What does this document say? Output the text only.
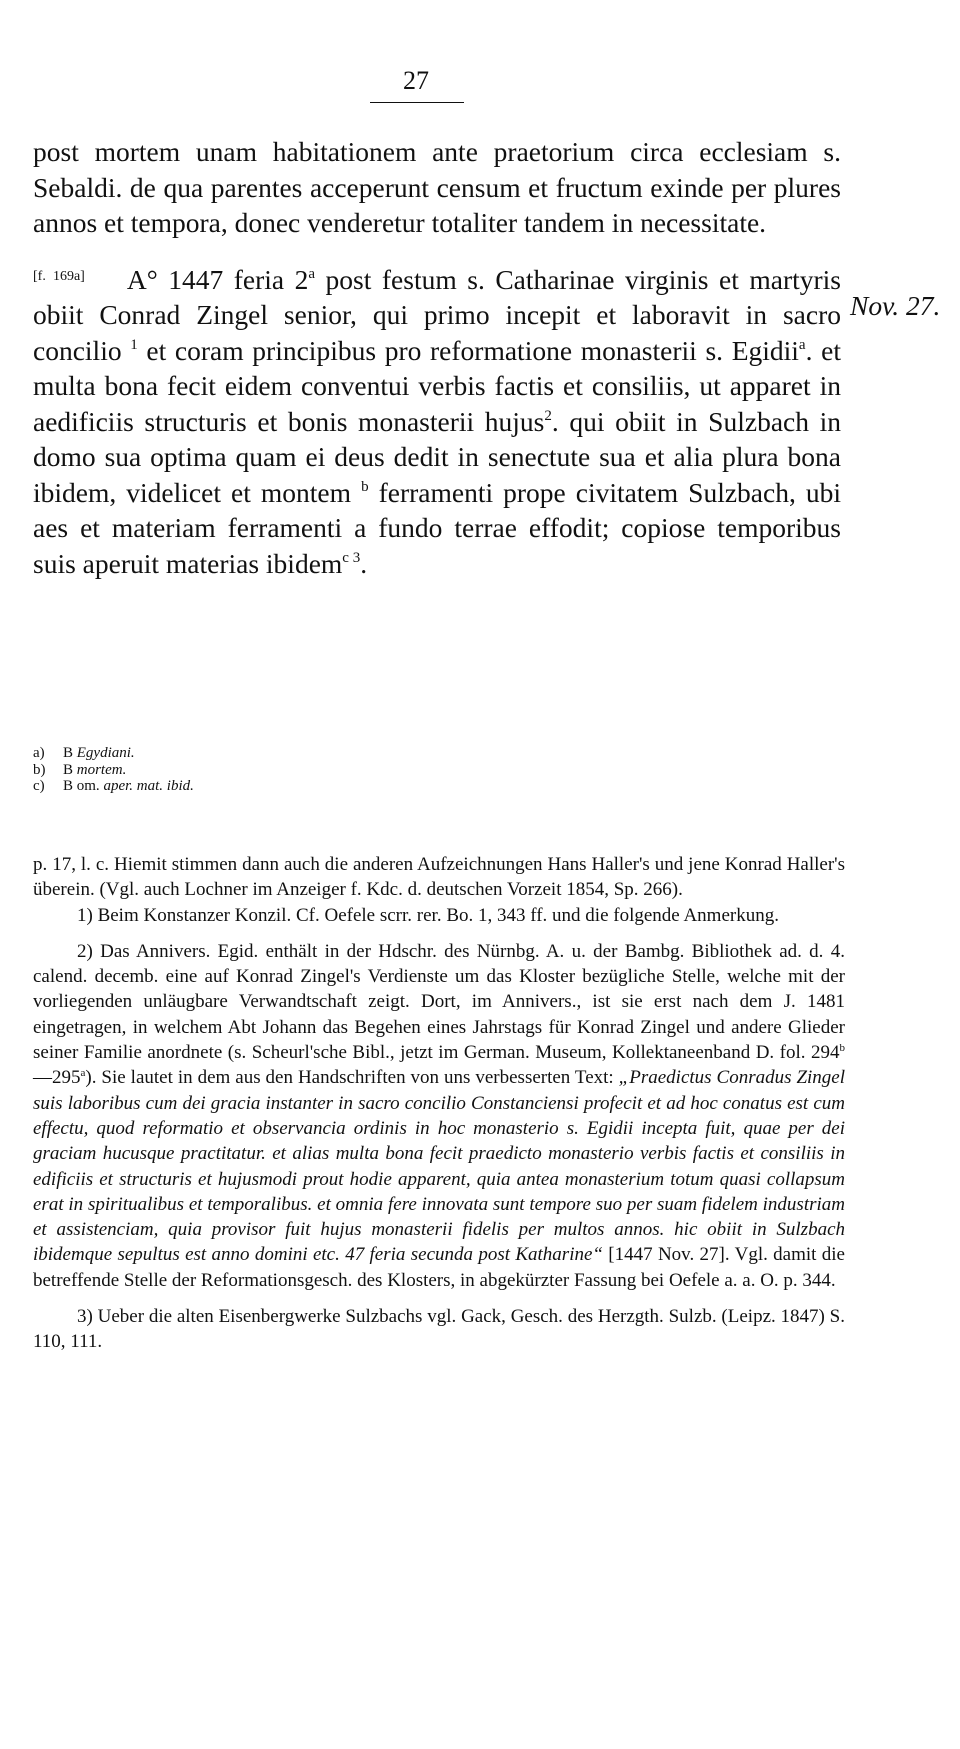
27

post mortem unam habitationem ante praetorium circa ecclesiam s. Sebaldi. de qua parentes acceperunt censum et fructum exinde per plures annos et tempora, donec venderetur totaliter tandem in necessitate.

[f. 169a] A° 1447 feria 2$^a$ post festum s. Catharinae virginis et martyris obiit Conrad Zingel senior, qui primo incepit et laboravit in sacro concilio $^1$ et coram principibus pro reformatione monasterii s. Egidii$^a$. et multa bona fecit eidem conventui verbis factis et consiliis, ut apparet in aedificiis structuris et bonis monasterii hujus$^2$. qui obiit in Sulzbach in domo sua optima quam ei deus dedit in senectute sua et alia plura bona ibidem, videlicet et montem $^b$ ferramenti prope civitatem Sulzbach, ubi aes et materiam ferramenti a fundo terrae effodit; copiose temporibus suis aperuit materias ibidem$^{c 3}$.

Nov. 27.
a) B Egydiani.
b) B mortem.
c) B om. aper. mat. ibid.

p. 17, l. c. Hiemit stimmen dann auch die anderen Aufzeichnungen Hans Haller's und jene Konrad Haller's überein. (Vgl. auch Lochner im Anzeiger f. Kdc. d. deutschen Vorzeit 1854, Sp. 266).

1) Beim Konstanzer Konzil. Cf. Oefele scrr. rer. Bo. 1, 343 ff. und die folgende Anmerkung.

2) Das Annivers. Egid. enthält in der Hdschr. des Nürnbg. A. u. der Bambg. Bibliothek ad. d. 4. calend. decemb. eine auf Konrad Zingel's Verdienste um das Kloster bezügliche Stelle, welche mit der vorliegenden unläugbare Verwandtschaft zeigt. Dort, im Annivers., ist sie erst nach dem J. 1481 eingetragen, in welchem Abt Johann das Begehen eines Jahrstags für Konrad Zingel und andere Glieder seiner Familie anordnete (s. Scheurl'sche Bibl., jetzt im German. Museum, Kollektaneenband D. fol. 294$^b$—295$^a$). Sie lautet in dem aus den Handschriften von uns verbesserten Text: „Praedictus Conradus Zingel suis laboribus cum dei gracia instanter in sacro concilio Constanciensi profecit et ad hoc conatus est cum effectu, quod reformatio et observancia ordinis in hoc monasterio s. Egidii incepta fuit, quae per dei graciam hucusque practitatur. et alias multa bona fecit praedicto monasterio verbis factis et consiliis in edificiis et structuris et hujusmodi prout hodie apparent, quia antea monasterium totum quasi collapsum erat in spiritualibus et temporalibus. et omnia fere innovata sunt tempore suo per suam fidelem industriam et assistenciam, quia provisor fuit hujus monasterii fidelis per multos annos. hic obiit in Sulzbach ibidemque sepultus est anno domini etc. 47 feria secunda post Katharine“ [1447 Nov. 27]. Vgl. damit die betreffende Stelle der Reformationsgesch. des Klosters, in abgekürzter Fassung bei Oefele a. a. O. p. 344.

3) Ueber die alten Eisenbergwerke Sulzbachs vgl. Gack, Gesch. des Herzgth. Sulzb. (Leipz. 1847) S. 110, 111.
